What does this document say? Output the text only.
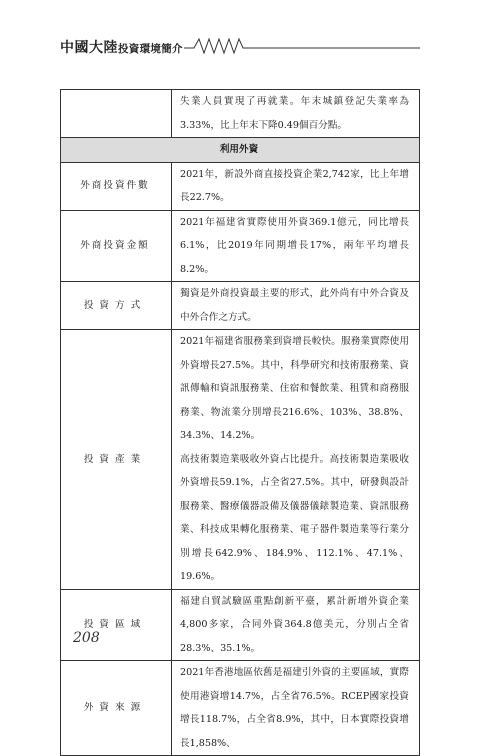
中國大陸投資環境簡介

	失業人員實現了再就業。年末城鎮登記失業率為3.33%，比上年末下降0.49個百分點。

利用外資	
外商投資件數	2021年，新設外商直接投資企業2,742家，比上年增長22.7%。

外商投資金額	2021年福建省實際使用外資369.1億元，同比增長6.1%，比2019年同期增長17%，兩年平均增長8.2%。

投資方式	獨資是外商投資最主要的形式，此外尚有中外合資及中外合作之方式。

投資產業	2021年福建省服務業到資增長較快。服務業實際使用外資增長27.5%。其中，科學研究和技術服務業、資訊傳輸和資訊服務業、住宿和餐飲業、租賃和商務服務業、物流業分別增長216.6%、103%、38.8%、34.3%、14.2%。

高技術製造業吸收外資占比提升。高技術製造業吸收外資增長59.1%，占全省27.5%。其中，研發與設計服務業、醫療儀器設備及儀器儀錶製造業、資訊服務業、科技成果轉化服務業、電子器件製造業等行業分別增長642.9%、184.9%、112.1%、47.1%、19.6%。

投資區域	福建自貿試驗區重點創新平臺，累計新增外資企業4,800多家，合同外資364.8億美元，分別占全省28.3%、35.1%。

外資來源	2021年香港地區依舊是福建引外資的主要區域，實際使用港資增14.7%，占全省76.5%。RCEP國家投資增長118.7%，占全省8.9%，其中，日本實際投資增長1,858%、

208
